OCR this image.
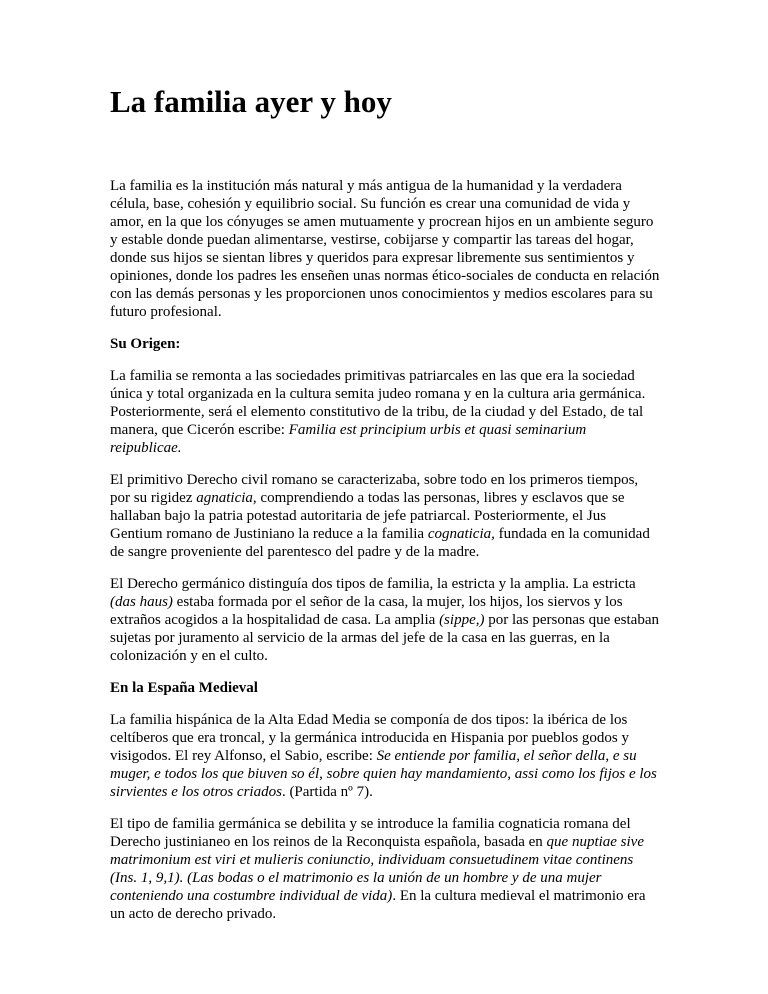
La familia ayer y hoy

La familia es la institución más natural y más antigua de la humanidad y la verdadera célula, base, cohesión y equilibrio social. Su función es crear una comunidad de vida y amor, en la que los cónyuges se amen mutuamente y procrean hijos en un ambiente seguro y estable donde puedan alimentarse, vestirse, cobijarse y compartir las tareas del hogar, donde sus hijos se sientan libres y queridos para expresar libremente sus sentimientos y opiniones, donde los padres les enseñen unas normas ético-sociales de conducta en relación con las demás personas y les proporcionen unos conocimientos y medios escolares para su futuro profesional.

Su Origen:

La familia se remonta a las sociedades primitivas patriarcales en las que era la sociedad única y total organizada en la cultura semita judeo romana y en la cultura aria germánica. Posteriormente, será el elemento constitutivo de la tribu, de la ciudad y del Estado, de tal manera, que Cicerón escribe: Familia est principium urbis et quasi seminarium reipublicae.

El primitivo Derecho civil romano se caracterizaba, sobre todo en los primeros tiempos, por su rigidez agnaticia, comprendiendo a todas las personas, libres y esclavos que se hallaban bajo la patria potestad autoritaria de jefe patriarcal. Posteriormente, el Jus Gentium romano de Justiniano la reduce a la familia cognaticia, fundada en la comunidad de sangre proveniente del parentesco del padre y de la madre.

El Derecho germánico distinguía dos tipos de familia, la estricta y la amplia. La estricta (das haus) estaba formada por el señor de la casa, la mujer, los hijos, los siervos y los extraños acogidos a la hospitalidad de casa. La amplia (sippe,) por las personas que estaban sujetas por juramento al servicio de la armas del jefe de la casa en las guerras, en la colonización y en el culto.

En la España Medieval

La familia hispánica de la Alta Edad Media se componía de dos tipos: la ibérica de los celtíberos que era troncal, y la germánica introducida en Hispania por pueblos godos y visigodos. El rey Alfonso, el Sabio, escribe: Se entiende por familia, el señor della, e su muger, e todos los que biuven so él, sobre quien hay mandamiento, assi como los fijos e los sirvientes e los otros criados. (Partida nº 7).

El tipo de familia germánica se debilita y se introduce la familia cognaticia romana del Derecho justinianeo en los reinos de la Reconquista española, basada en que nuptiae sive matrimonium est viri et mulieris coniunctio, individuam consuetudinem vitae continens (Ins. 1, 9,1). (Las bodas o el matrimonio es la unión de un hombre y de una mujer conteniendo una costumbre individual de vida). En la cultura medieval el matrimonio era un acto de derecho privado.
